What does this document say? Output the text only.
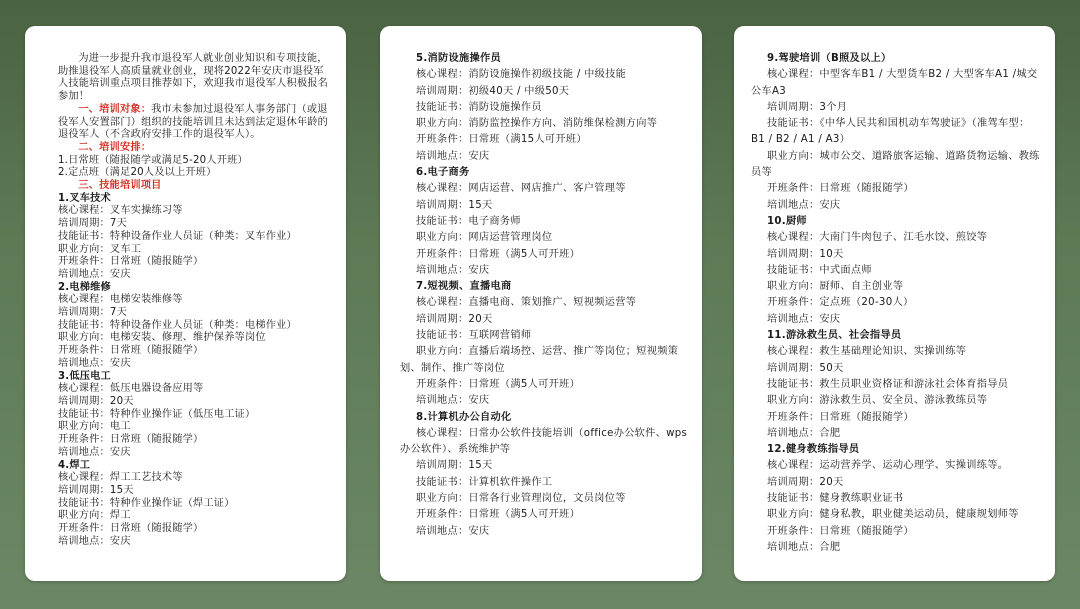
为进一步提升我市退役军人就业创业知识和专项技能，助推退役军人高质量就业创业，现将2022年安庆市退役军人技能培训重点项目推荐如下，欢迎我市退役军人积极报名参加！

一、培训对象：我市未参加过退役军人事务部门（或退役军人安置部门）组织的技能培训且未达到法定退休年龄的退役军人（不含政府安排工作的退役军人）。

二、培训安排：

1.日常班（随报随学或满足5-20人开班）

2.定点班（满足20人及以上开班）

三、技能培训项目

1.叉车技术

核心课程：叉车实操练习等

培训周期：7天

技能证书：特种设备作业人员证（种类：叉车作业）

职业方向：叉车工

开班条件：日常班（随报随学）

培训地点：安庆

2.电梯维修

核心课程：电梯安装维修等

培训周期：7天

技能证书：特种设备作业人员证（种类：电梯作业）

职业方向：电梯安装、修理、维护保养等岗位

开班条件：日常班（随报随学）

培训地点：安庆

3.低压电工

核心课程：低压电器设备应用等

培训周期：20天

技能证书：特种作业操作证（低压电工证）

职业方向：电工

开班条件：日常班（随报随学）

培训地点：安庆

4.焊工

核心课程：焊工工艺技术等

培训周期：15天

技能证书：特种作业操作证（焊工证）

职业方向：焊工

开班条件：日常班（随报随学）

培训地点：安庆

5.消防设施操作员

核心课程：消防设施操作初级技能 / 中级技能

培训周期：初级40天 / 中级50天

技能证书：消防设施操作员

职业方向：消防监控操作方向、消防维保检测方向等

开班条件：日常班（满15人可开班）

培训地点：安庆

6.电子商务

核心课程：网店运营、网店推广、客户管理等

培训周期：15天

技能证书：电子商务师

职业方向：网店运营管理岗位

开班条件：日常班（满5人可开班）

培训地点：安庆

7.短视频、直播电商

核心课程：直播电商、策划推广、短视频运营等

培训周期：20天

技能证书：互联网营销师

职业方向：直播后端场控、运营、推广等岗位；短视频策划、制作、推广等岗位

开班条件：日常班（满5人可开班）

培训地点：安庆

8.计算机办公自动化

核心课程：日常办公软件技能培训（office办公软件、wps办公软件）、系统维护等

培训周期：15天

技能证书：计算机软件操作工

职业方向：日常各行业管理岗位，文员岗位等

开班条件：日常班（满5人可开班）

培训地点：安庆

9.驾驶培训（B照及以上）

核心课程：中型客车B1 / 大型货车B2 / 大型客车A1 /城交公车A3

培训周期：3个月

技能证书：《中华人民共和国机动车驾驶证》（准驾车型：B1 / B2 / A1 / A3）

职业方向：城市公交、道路旅客运输、道路货物运输、教练员等

开班条件：日常班（随报随学）

培训地点：安庆

10.厨师

核心课程：大南门牛肉包子、江毛水饺、煎饺等

培训周期：10天

技能证书：中式面点师

职业方向：厨师、自主创业等

开班条件：定点班（20-30人）

培训地点：安庆

11.游泳救生员、社会指导员

核心课程：救生基础理论知识、实操训练等

培训周期：50天

技能证书：救生员职业资格证和游泳社会体育指导员

职业方向：游泳救生员、安全员、游泳教练员等

开班条件：日常班（随报随学）

培训地点：合肥

12.健身教练指导员

核心课程：运动营养学、运动心理学、实操训练等。

培训周期：20天

技能证书：健身教练职业证书

职业方向：健身私教，职业健美运动员，健康规划师等

开班条件：日常班（随报随学）

培训地点：合肥
